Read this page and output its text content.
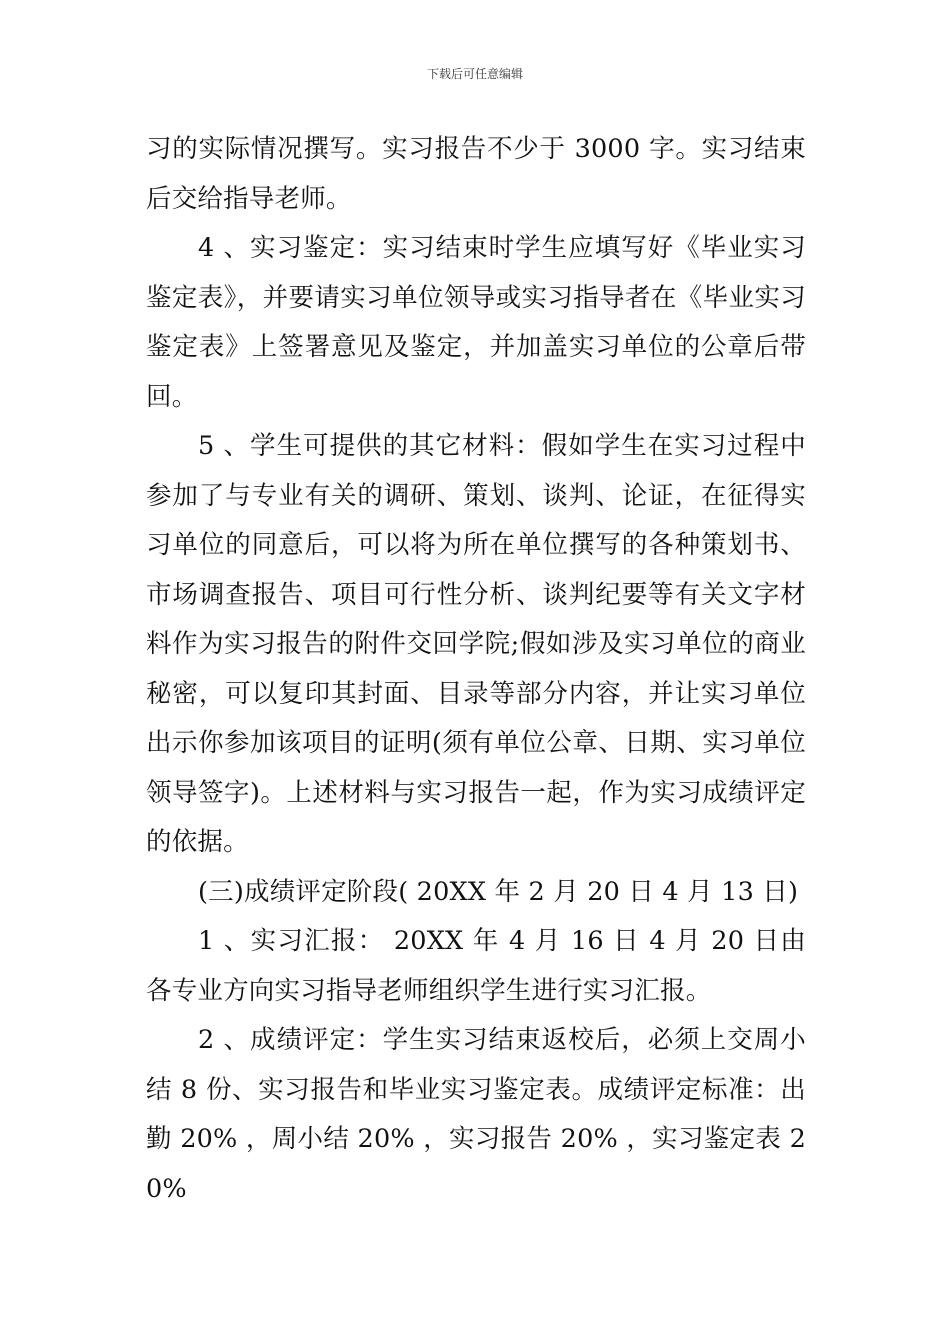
下载后可任意编辑

习的实际情况撰写。实习报告不少于 3000 字。实习结束后交给指导老师。

4 、实习鉴定：实习结束时学生应填写好《毕业实习鉴定表》，并要请实习单位领导或实习指导者在《毕业实习鉴定表》上签署意见及鉴定，并加盖实习单位的公章后带回。

5 、学生可提供的其它材料：假如学生在实习过程中参加了与专业有关的调研、策划、谈判、论证，在征得实习单位的同意后，可以将为所在单位撰写的各种策划书、市场调查报告、项目可行性分析、谈判纪要等有关文字材料作为实习报告的附件交回学院;假如涉及实习单位的商业秘密，可以复印其封面、目录等部分内容，并让实习单位出示你参加该项目的证明(须有单位公章、日期、实习单位领导签字)。上述材料与实习报告一起，作为实习成绩评定的依据。

(三)成绩评定阶段( 20XX 年 2 月 20 日 4 月 13 日)

1 、实习汇报： 20XX 年 4 月 16 日 4 月 20 日由各专业方向实习指导老师组织学生进行实习汇报。

2 、成绩评定：学生实习结束返校后，必须上交周小结 8 份、实习报告和毕业实习鉴定表。成绩评定标准：出勤 20% ，周小结 20% ，实习报告 20% ，实习鉴定表 20%
